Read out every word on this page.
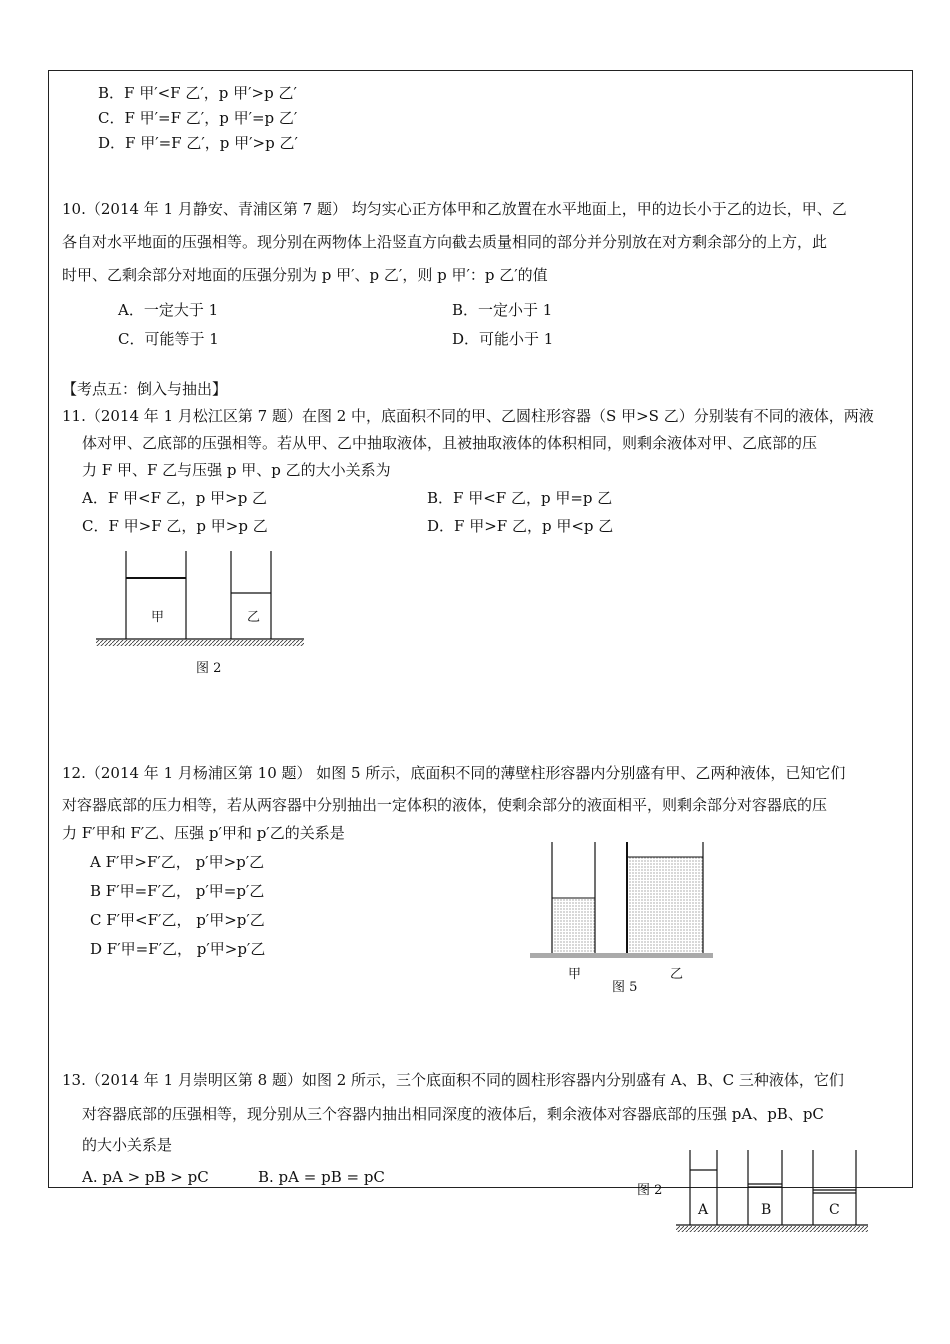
B．F 甲′<F 乙′，p 甲′>p 乙′
C．F 甲′=F 乙′，p 甲′=p 乙′
D．F 甲′=F 乙′，p 甲′>p 乙′
10.（2014 年 1 月静安、青浦区第 7 题） 均匀实心正方体甲和乙放置在水平地面上，甲的边长小于乙的边长，甲、乙
各自对水平地面的压强相等。现分别在两物体上沿竖直方向截去质量相同的部分并分别放在对方剩余部分的上方，此
时甲、乙剩余部分对地面的压强分别为 p 甲′、p 乙′，则 p 甲′：p 乙′的值
A．一定大于 1	B．一定小于 1
C．可能等于 1	D．可能小于 1
【考点五：倒入与抽出】
11.（2014 年 1 月松江区第 7 题）在图 2 中，底面积不同的甲、乙圆柱形容器（S 甲>S 乙）分别装有不同的液体，两液
体对甲、乙底部的压强相等。若从甲、乙中抽取液体，且被抽取液体的体积相同，则剩余液体对甲、乙底部的压
力 F 甲、F 乙与压强 p 甲、p 乙的大小关系为
A．F 甲<F 乙，p 甲>p 乙	B．F 甲<F 乙，p 甲=p 乙
C．F 甲>F 乙，p 甲>p 乙	D．F 甲>F 乙，p 甲<p 乙
甲	乙
图 2
12.（2014 年 1 月杨浦区第 10 题） 如图 5 所示，底面积不同的薄壁柱形容器内分别盛有甲、乙两种液体，已知它们
对容器底部的压力相等，若从两容器中分别抽出一定体积的液体，使剩余部分的液面相平，则剩余部分对容器底的压
力 F′甲和 F′乙、压强 p′甲和 p′乙的关系是
A F′甲>F′乙， p′甲>p′乙
B F′甲=F′乙， p′甲=p′乙
C F′甲<F′乙， p′甲>p′乙
D F′甲=F′乙， p′甲>p′乙
甲	乙
图 5
13.（2014 年 1 月崇明区第 8 题）如图 2 所示，三个底面积不同的圆柱形容器内分别盛有 A、B、C 三种液体，它们
对容器底部的压强相等，现分别从三个容器内抽出相同深度的液体后，剩余液体对容器底部的压强 pA、pB、pC
的大小关系是
A. pA > pB > pC	B. pA = pB = pC
图 2
A	B	C
